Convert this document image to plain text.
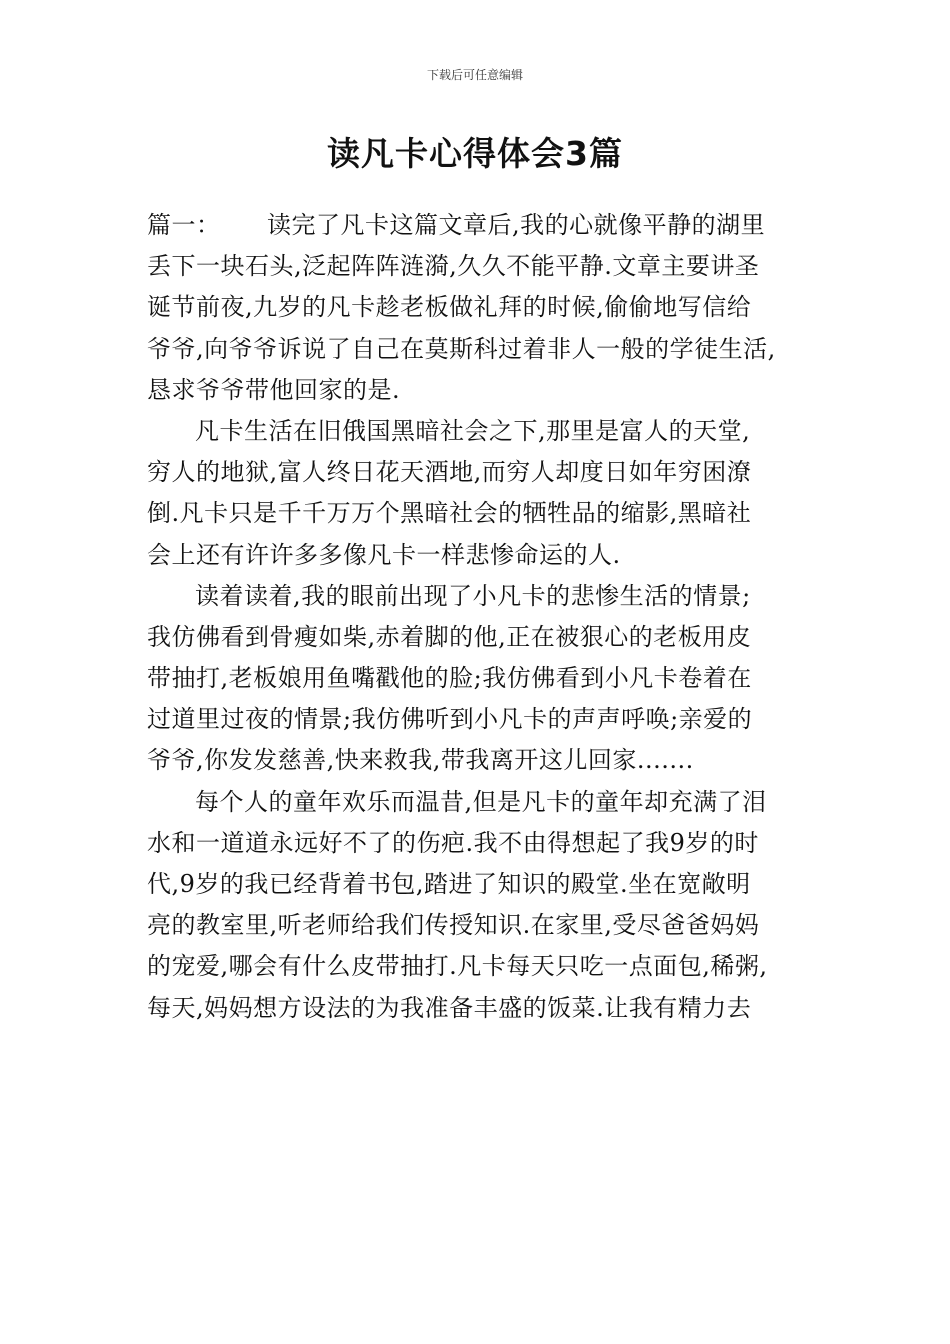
下载后可任意编辑
读凡卡心得体会3篇
篇一： 读完了凡卡这篇文章后,我的心就像平静的湖里
丢下一块石头,泛起阵阵涟漪,久久不能平静.文章主要讲圣
诞节前夜,九岁的凡卡趁老板做礼拜的时候,偷偷地写信给
爷爷,向爷爷诉说了自己在莫斯科过着非人一般的学徒生活,
恳求爷爷带他回家的是.
凡卡生活在旧俄国黑暗社会之下,那里是富人的天堂,
穷人的地狱,富人终日花天酒地,而穷人却度日如年穷困潦
倒.凡卡只是千千万万个黑暗社会的牺牲品的缩影,黑暗社
会上还有许许多多像凡卡一样悲惨命运的人.
读着读着,我的眼前出现了小凡卡的悲惨生活的情景;
我仿佛看到骨瘦如柴,赤着脚的他,正在被狠心的老板用皮
带抽打,老板娘用鱼嘴戳他的脸;我仿佛看到小凡卡卷着在
过道里过夜的情景;我仿佛听到小凡卡的声声呼唤;亲爱的
爷爷,你发发慈善,快来救我,带我离开这儿回家.......
每个人的童年欢乐而温昔,但是凡卡的童年却充满了泪
水和一道道永远好不了的伤疤.我不由得想起了我9岁的时
代,9岁的我已经背着书包,踏进了知识的殿堂.坐在宽敞明
亮的教室里,听老师给我们传授知识.在家里,受尽爸爸妈妈
的宠爱,哪会有什么皮带抽打.凡卡每天只吃一点面包,稀粥,
每天,妈妈想方设法的为我准备丰盛的饭菜.让我有精力去
